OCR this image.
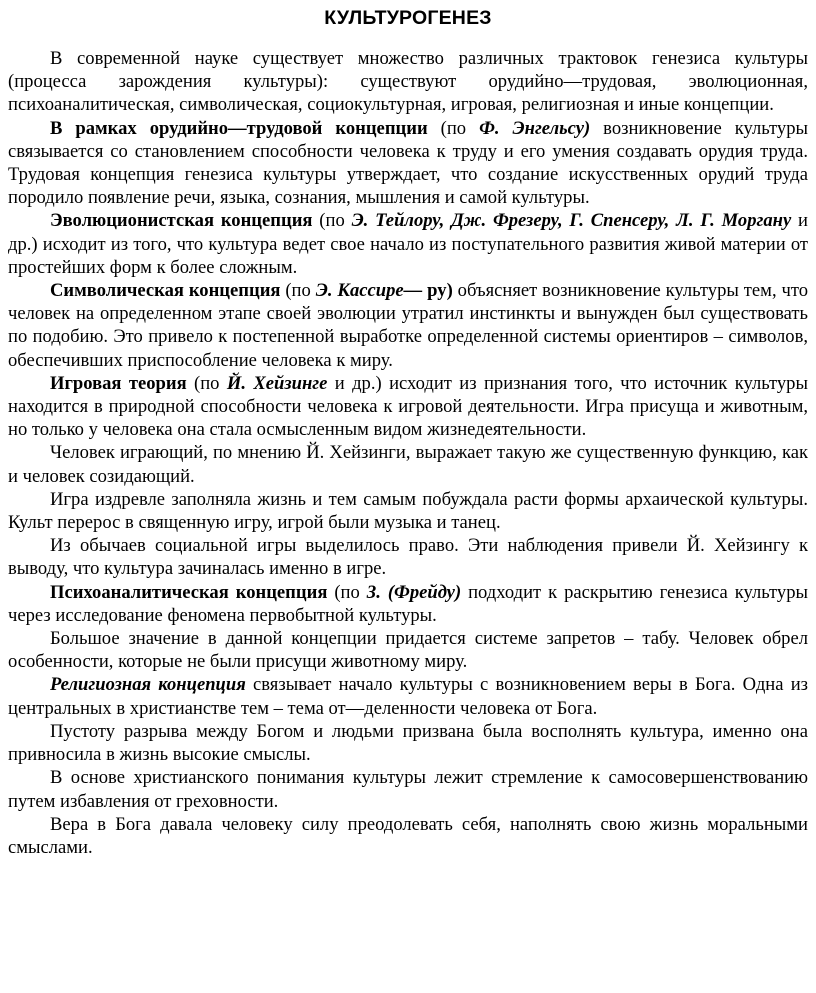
КУЛЬТУРОГЕНЕЗ

В современной науке существует множество различных трактовок генезиса культуры (процесса зарождения культуры): существуют орудийно—трудовая, эволюционная, психоаналитическая, символическая, социокультурная, игровая, религиозная и иные концепции.

В рамках орудийно—трудовой концепции (по Ф. Энгельсу) возникновение культуры связывается со становлением способности человека к труду и его умения создавать орудия труда. Трудовая концепция генезиса культуры утверждает, что создание искусственных орудий труда породило появление речи, языка, сознания, мышления и самой культуры.

Эволюционистская концепция (по Э. Тейлору, Дж. Фрезеру, Г. Спенсеру, Л. Г. Моргану и др.) исходит из того, что культура ведет свое начало из поступательного развития живой материи от простейших форм к более сложным.

Символическая концепция (по Э. Кассире— ру) объясняет возникновение культуры тем, что человек на определенном этапе своей эволюции утратил инстинкты и вынужден был существовать по подобию. Это привело к постепенной выработке определенной системы ориентиров – символов, обеспечивших приспособление человека к миру.

Игровая теория (по Й. Хейзинге и др.) исходит из признания того, что источник культуры находится в природной способности человека к игровой деятельности. Игра присуща и животным, но только у человека она стала осмысленным видом жизнедеятельности.

Человек играющий, по мнению Й. Хейзинги, выражает такую же существенную функцию, как и человек созидающий.

Игра издревле заполняла жизнь и тем самым побуждала расти формы архаической культуры. Культ перерос в священную игру, игрой были музыка и танец.

Из обычаев социальной игры выделилось право. Эти наблюдения привели Й. Хейзингу к выводу, что культура зачиналась именно в игре.

Психоаналитическая концепция (по З. (Фрейду) подходит к раскрытию генезиса культуры через исследование феномена первобытной культуры.

Большое значение в данной концепции придается системе запретов – табу. Человек обрел особенности, которые не были присущи животному миру.

Религиозная концепция связывает начало культуры с возникновением веры в Бога. Одна из центральных в христианстве тем – тема от—деленности человека от Бога.

Пустоту разрыва между Богом и людьми призвана была восполнять культура, именно она привносила в жизнь высокие смыслы.

В основе христианского понимания культуры лежит стремление к самосовершенствованию путем избавления от греховности.

Вера в Бога давала человеку силу преодолевать себя, наполнять свою жизнь моральными смыслами.
